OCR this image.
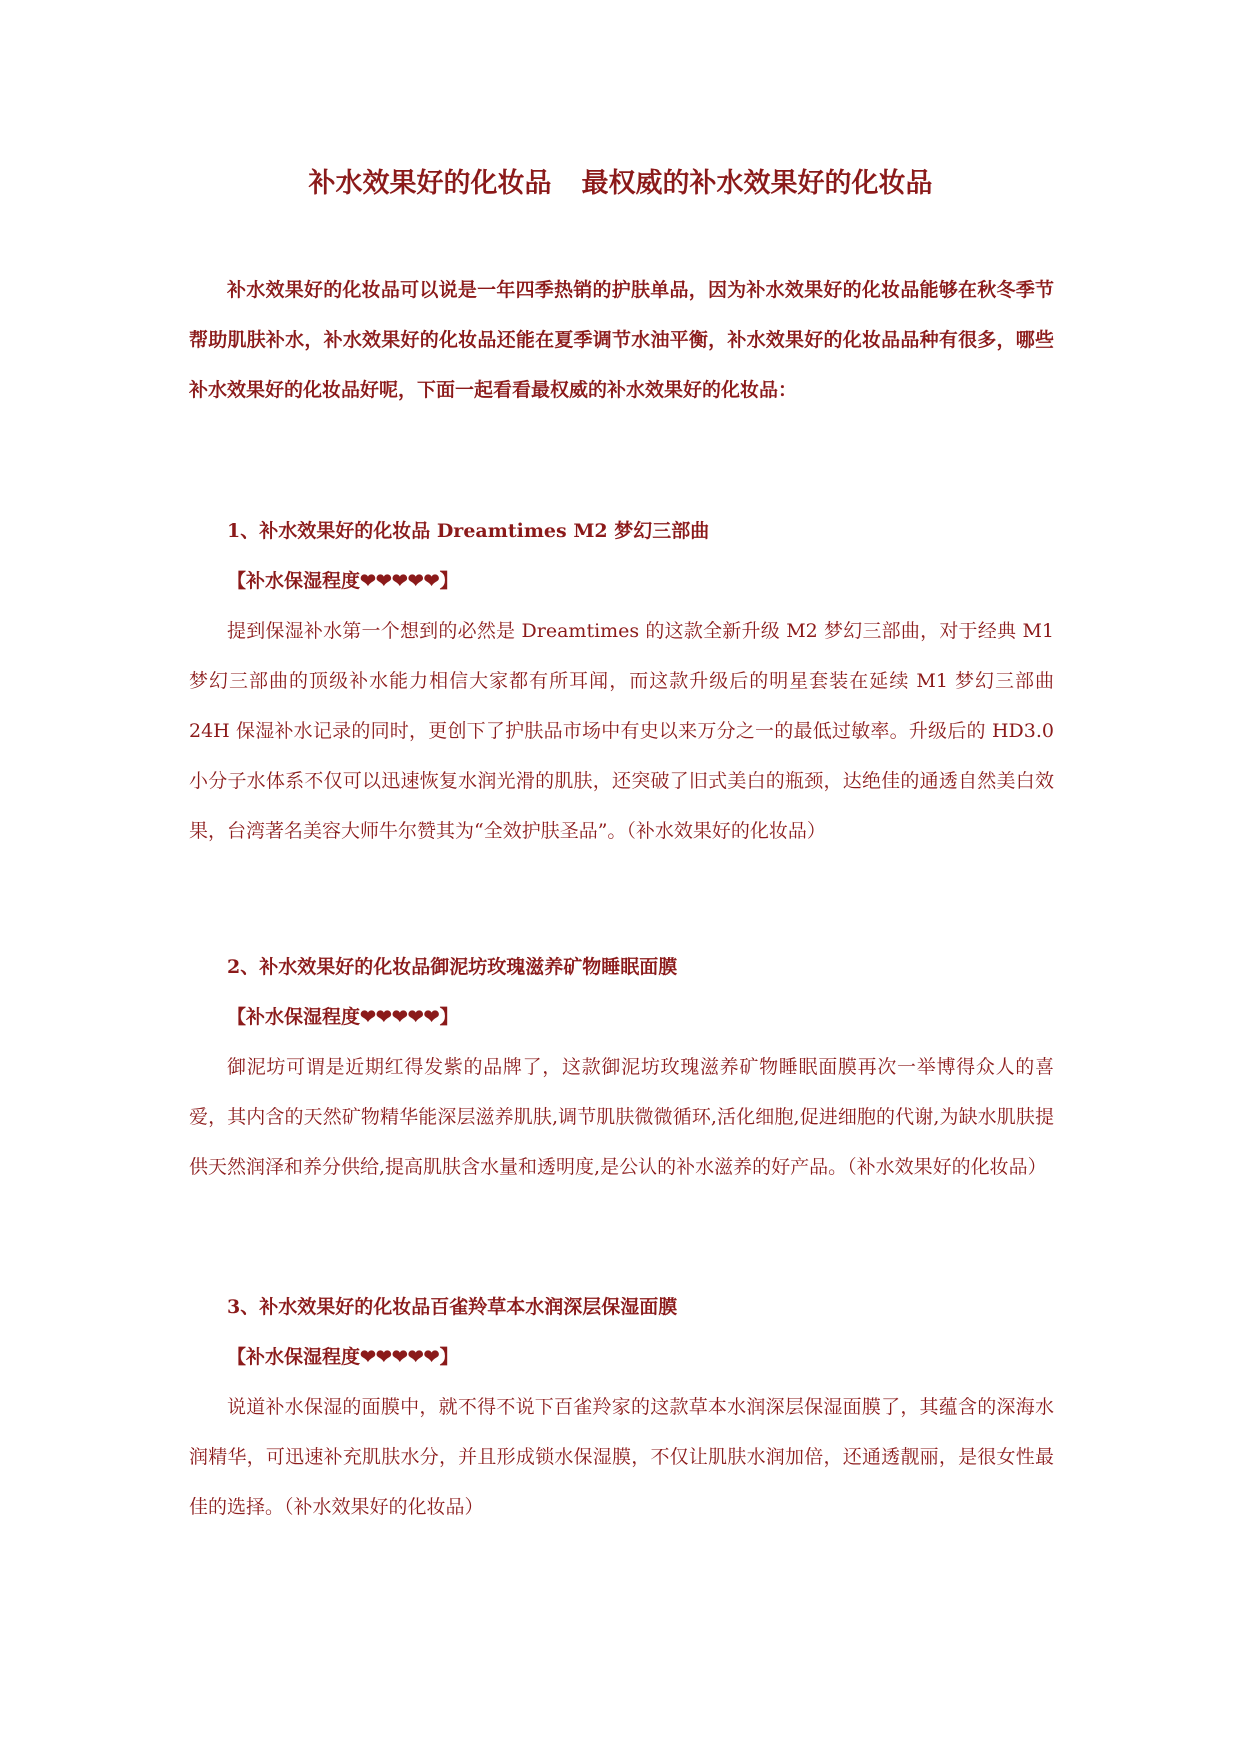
补水效果好的化妆品 最权威的补水效果好的化妆品

补水效果好的化妆品可以说是一年四季热销的护肤单品，因为补水效果好的化妆品能够在秋冬季节帮助肌肤补水，补水效果好的化妆品还能在夏季调节水油平衡，补水效果好的化妆品品种有很多，哪些补水效果好的化妆品好呢，下面一起看看最权威的补水效果好的化妆品：

1、补水效果好的化妆品 Dreamtimes M2 梦幻三部曲

【补水保湿程度❤❤❤❤❤】

提到保湿补水第一个想到的必然是 Dreamtimes 的这款全新升级 M2 梦幻三部曲，对于经典 M1 梦幻三部曲的顶级补水能力相信大家都有所耳闻，而这款升级后的明星套装在延续 M1 梦幻三部曲 24H 保湿补水记录的同时，更创下了护肤品市场中有史以来万分之一的最低过敏率。升级后的 HD3.0 小分子水体系不仅可以迅速恢复水润光滑的肌肤，还突破了旧式美白的瓶颈，达绝佳的通透自然美白效果，台湾著名美容大师牛尔赞其为“全效护肤圣品”。（补水效果好的化妆品）

2、补水效果好的化妆品御泥坊玫瑰滋养矿物睡眠面膜

【补水保湿程度❤❤❤❤❤】

御泥坊可谓是近期红得发紫的品牌了，这款御泥坊玫瑰滋养矿物睡眠面膜再次一举博得众人的喜爱，其内含的天然矿物精华能深层滋养肌肤,调节肌肤微微循环,活化细胞,促进细胞的代谢,为缺水肌肤提供天然润泽和养分供给,提高肌肤含水量和透明度,是公认的补水滋养的好产品。（补水效果好的化妆品）

3、补水效果好的化妆品百雀羚草本水润深层保湿面膜

【补水保湿程度❤❤❤❤❤】

说道补水保湿的面膜中，就不得不说下百雀羚家的这款草本水润深层保湿面膜了，其蕴含的深海水润精华，可迅速补充肌肤水分，并且形成锁水保湿膜，不仅让肌肤水润加倍，还通透靓丽，是很女性最佳的选择。（补水效果好的化妆品）
